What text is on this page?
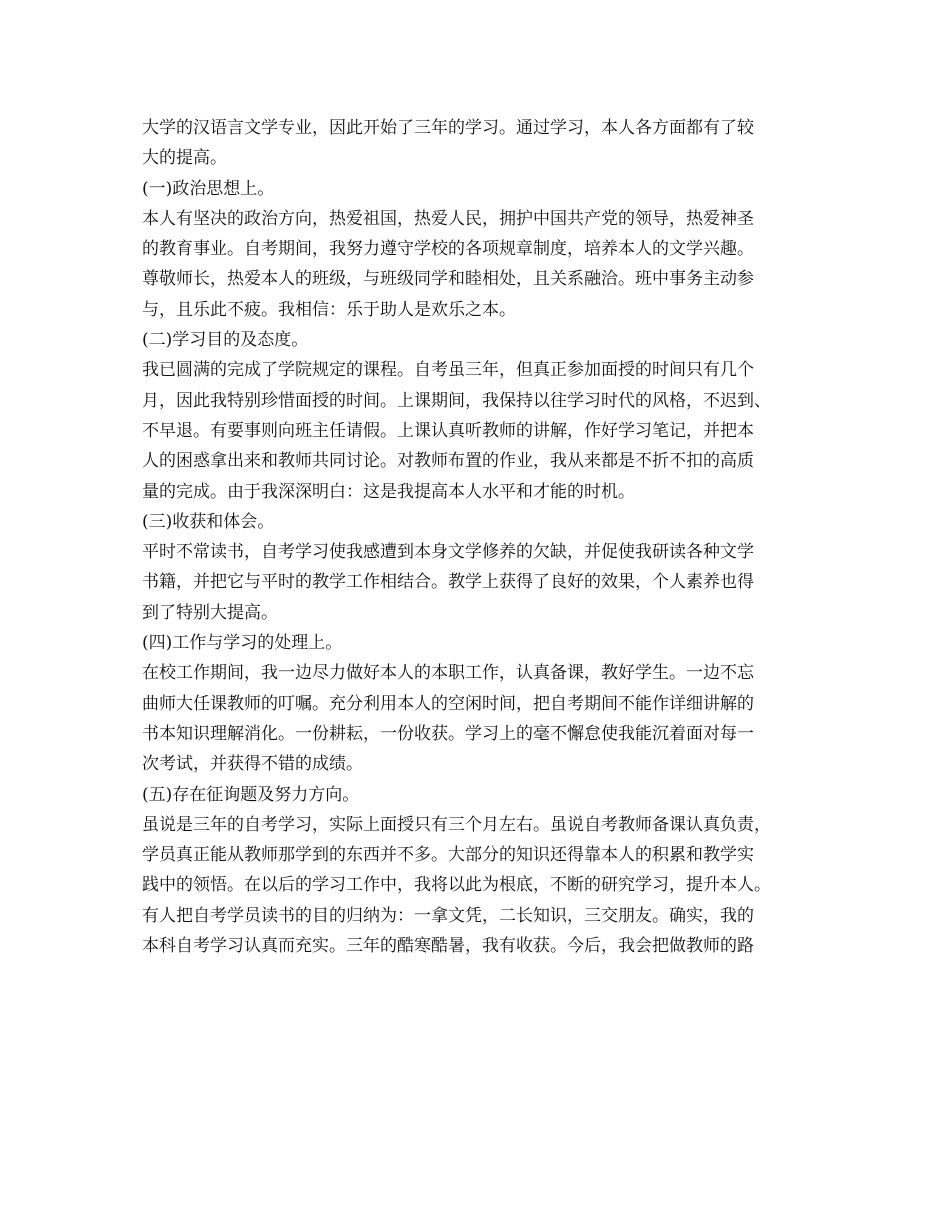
大学的汉语言文学专业，因此开始了三年的学习。通过学习，本人各方面都有了较

大的提高。

(一)政治思想上。

本人有坚决的政治方向，热爱祖国，热爱人民，拥护中国共产党的领导，热爱神圣

的教育事业。自考期间，我努力遵守学校的各项规章制度，培养本人的文学兴趣。

尊敬师长，热爱本人的班级，与班级同学和睦相处，且关系融洽。班中事务主动参

与，且乐此不疲。我相信：乐于助人是欢乐之本。

(二)学习目的及态度。

我已圆满的完成了学院规定的课程。自考虽三年，但真正参加面授的时间只有几个

月，因此我特别珍惜面授的时间。上课期间，我保持以往学习时代的风格，不迟到、

不早退。有要事则向班主任请假。上课认真听教师的讲解，作好学习笔记，并把本

人的困惑拿出来和教师共同讨论。对教师布置的作业，我从来都是不折不扣的高质

量的完成。由于我深深明白：这是我提高本人水平和才能的时机。

(三)收获和体会。

平时不常读书，自考学习使我感遭到本身文学修养的欠缺，并促使我研读各种文学

书籍，并把它与平时的教学工作相结合。教学上获得了良好的效果，个人素养也得

到了特别大提高。

(四)工作与学习的处理上。

在校工作期间，我一边尽力做好本人的本职工作，认真备课，教好学生。一边不忘

曲师大任课教师的叮嘱。充分利用本人的空闲时间，把自考期间不能作详细讲解的

书本知识理解消化。一份耕耘，一份收获。学习上的毫不懈怠使我能沉着面对每一

次考试，并获得不错的成绩。

(五)存在征询题及努力方向。

虽说是三年的自考学习，实际上面授只有三个月左右。虽说自考教师备课认真负责，

学员真正能从教师那学到的东西并不多。大部分的知识还得靠本人的积累和教学实

践中的领悟。在以后的学习工作中，我将以此为根底，不断的研究学习，提升本人。

有人把自考学员读书的目的归纳为：一拿文凭，二长知识，三交朋友。确实，我的

本科自考学习认真而充实。三年的酷寒酷暑，我有收获。今后，我会把做教师的路
